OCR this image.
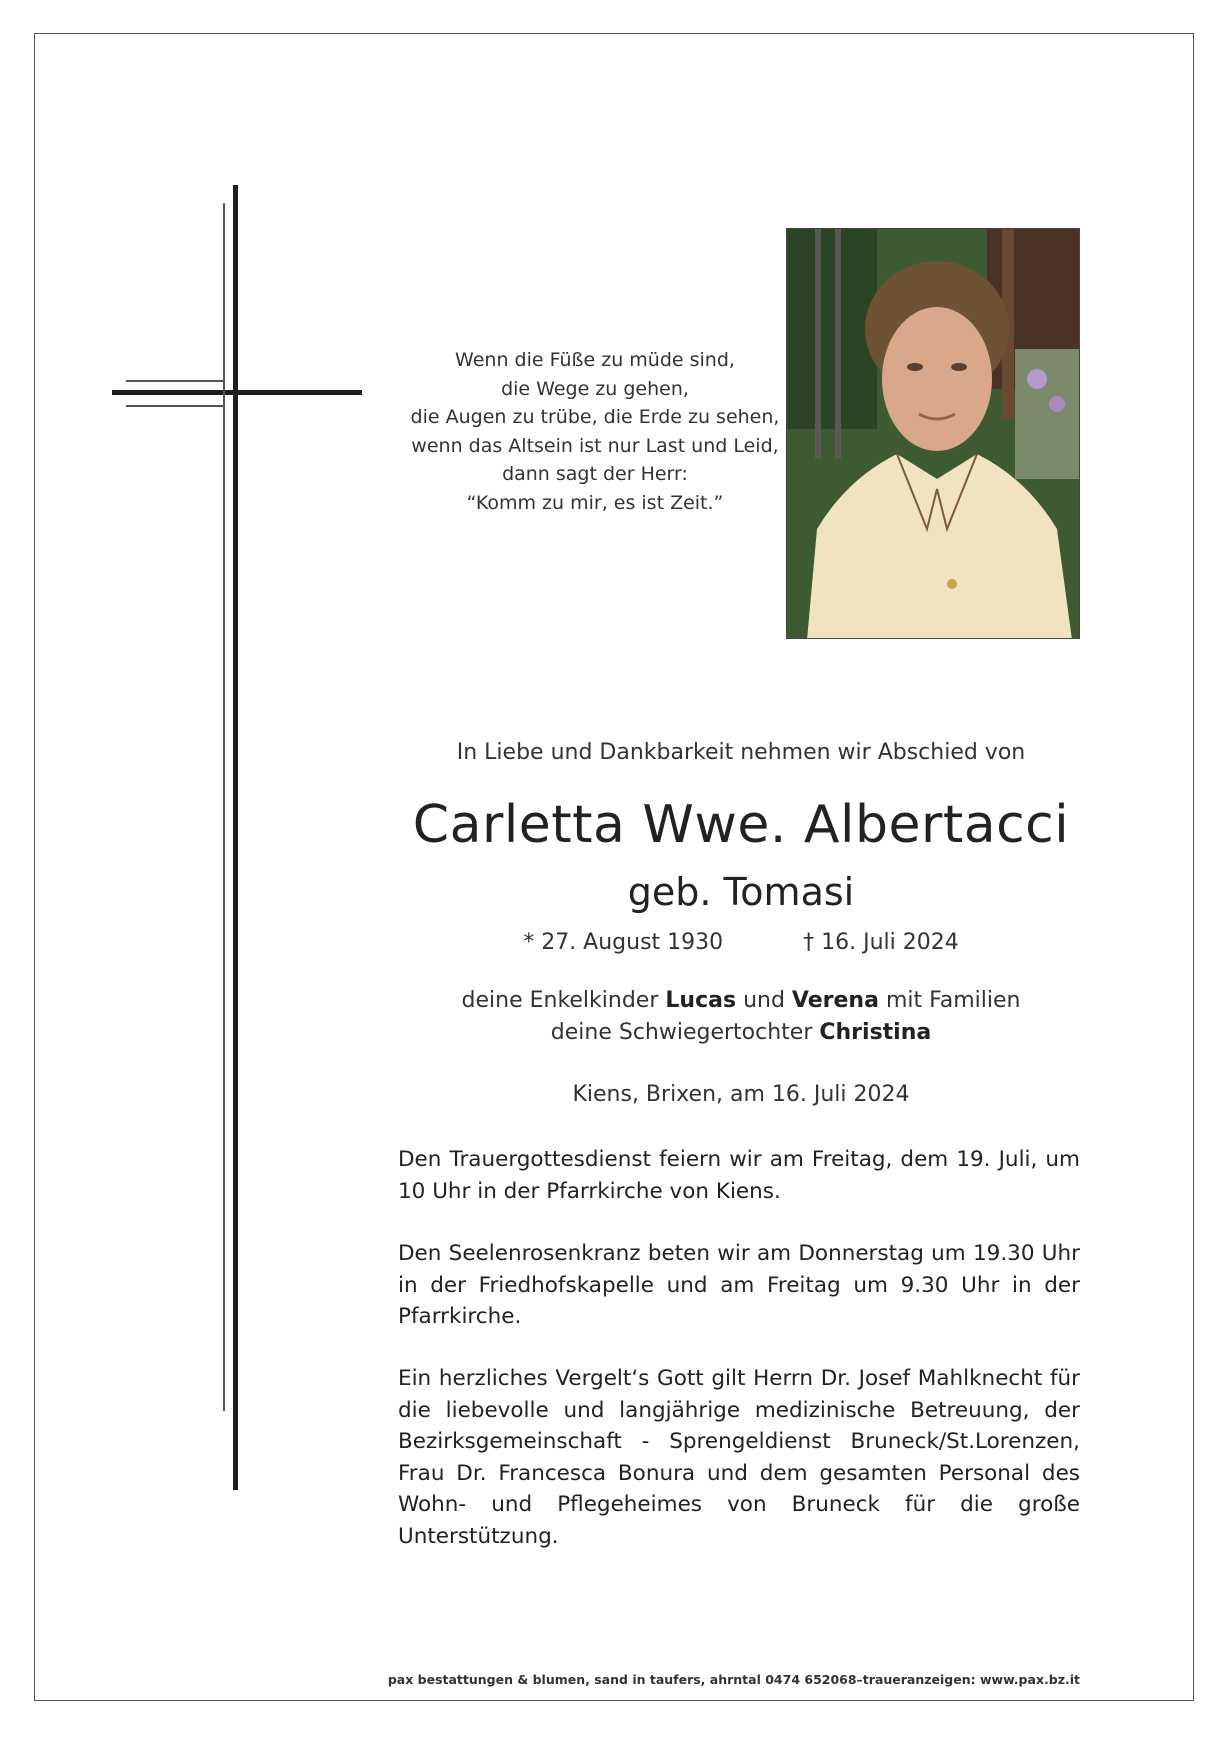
Wenn die Füße zu müde sind,
die Wege zu gehen,
die Augen zu trübe, die Erde zu sehen,
wenn das Altsein ist nur Last und Leid,
dann sagt der Herr:
“Komm zu mir, es ist Zeit.”
In Liebe und Dankbarkeit nehmen wir Abschied von
Carletta Wwe. Albertacci
geb. Tomasi
* 27. August 1930	† 16. Juli 2024
deine Enkelkinder Lucas und Verena mit Familien
deine Schwiegertochter Christina
Kiens, Brixen, am 16. Juli 2024
Den Trauergottesdienst feiern wir am Freitag, dem 19. Juli, um 10 Uhr in der Pfarrkirche von Kiens.
Den Seelenrosenkranz beten wir am Donnerstag um 19.30 Uhr in der Friedhofskapelle und am Freitag um 9.30 Uhr in der Pfarrkirche.
Ein herzliches Vergelt‘s Gott gilt Herrn Dr. Josef Mahlknecht für die liebevolle und langjährige medizinische Betreuung, der Bezirksgemeinschaft - Sprengeldienst Bruneck/St.Lorenzen, Frau Dr. Francesca Bonura und dem gesamten Personal des Wohn- und Pflegeheimes von Bruneck für die große Unterstützung.
pax bestattungen & blumen, sand in taufers, ahrntal 0474 652068–traueranzeigen: www.pax.bz.it
